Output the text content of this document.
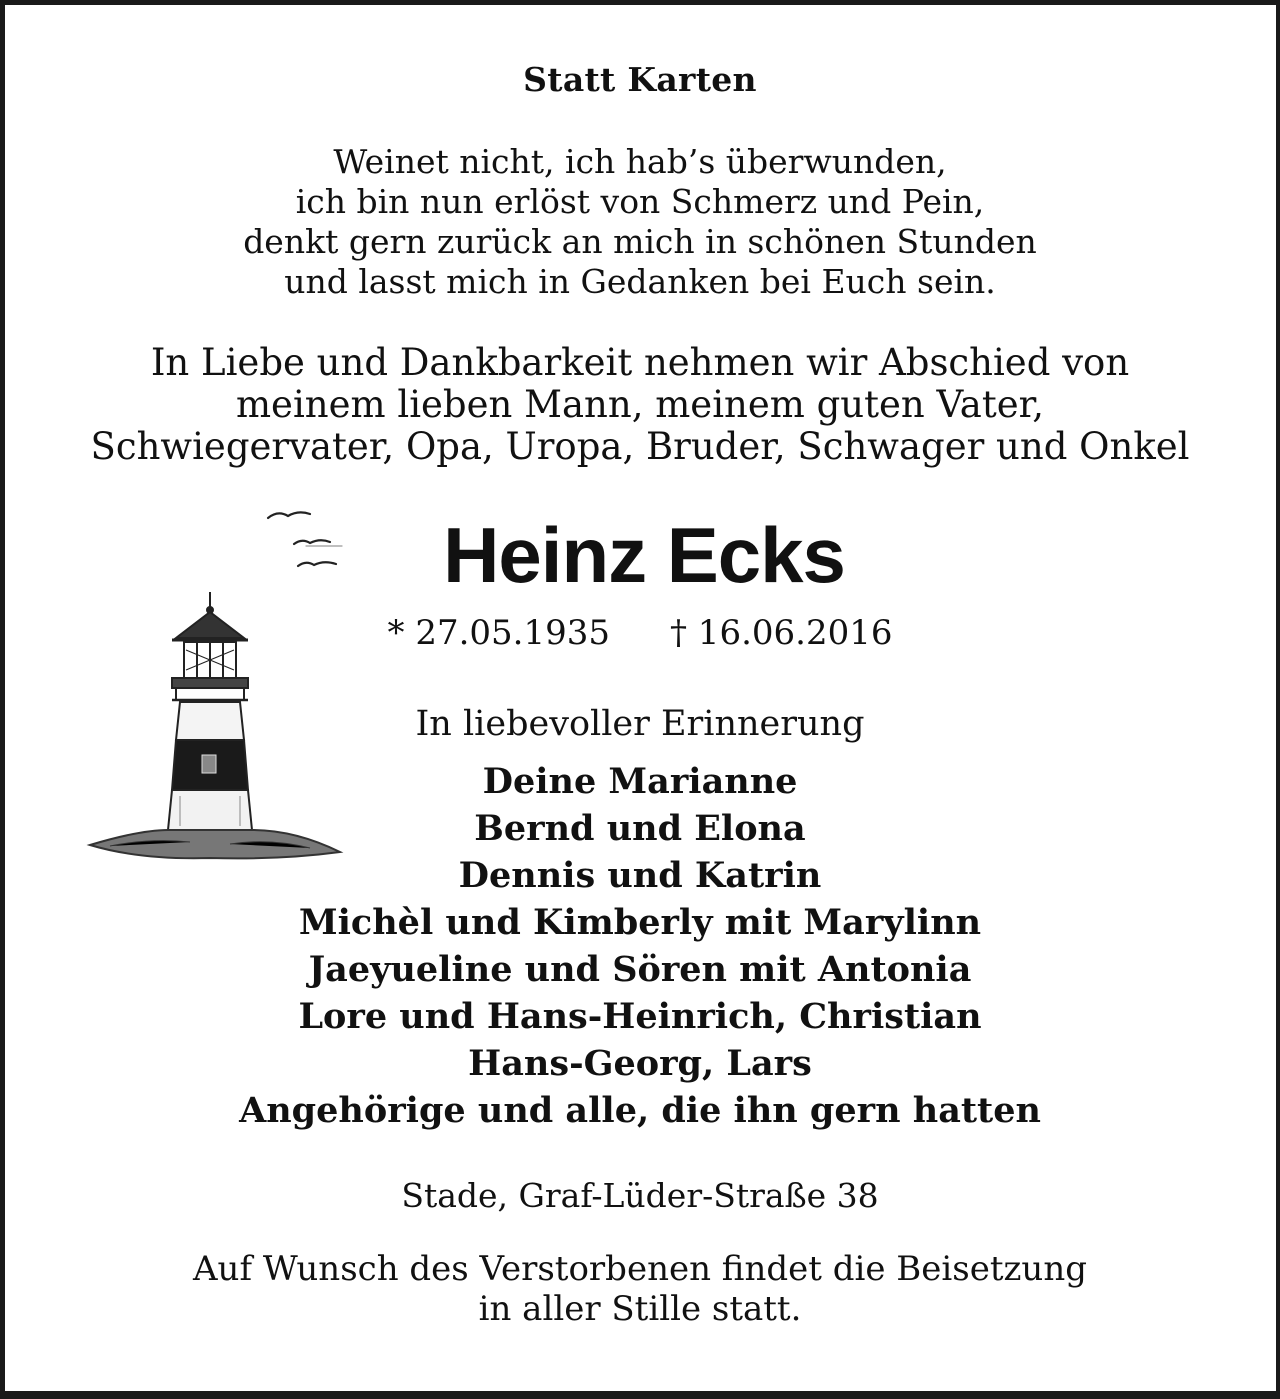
Statt Karten
Weinet nicht, ich hab’s überwunden,
ich bin nun erlöst von Schmerz und Pein,
denkt gern zurück an mich in schönen Stunden
und lasst mich in Gedanken bei Euch sein.
In Liebe und Dankbarkeit nehmen wir Abschied von
meinem lieben Mann, meinem guten Vater,
Schwiegervater, Opa, Uropa, Bruder, Schwager und Onkel
Heinz Ecks
* 27.05.1935 † 16.06.2016
In liebevoller Erinnerung
Deine Marianne
Bernd und Elona
Dennis und Katrin
Michèl und Kimberly mit Marylinn
Jaeyueline und Sören mit Antonia
Lore und Hans-Heinrich, Christian
Hans-Georg, Lars
Angehörige und alle, die ihn gern hatten
Stade, Graf-Lüder-Straße 38
Auf Wunsch des Verstorbenen findet die Beisetzung
in aller Stille statt.
